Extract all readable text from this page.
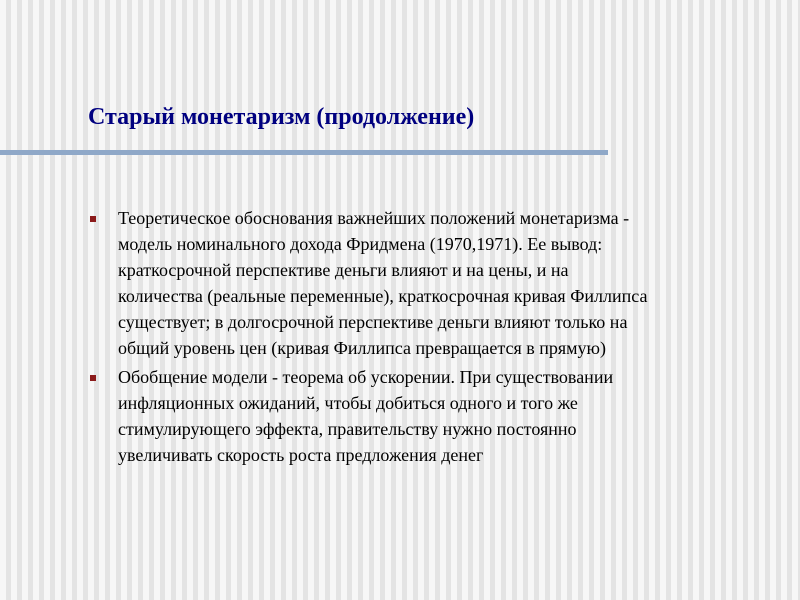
Старый монетаризм (продолжение)
Теоретическое обоснования важнейших положений монетаризма -
модель номинального дохода Фридмена (1970,1971). Ее вывод:
краткосрочной перспективе деньги влияют и на цены, и на
количества (реальные переменные), краткосрочная кривая Филлипса
существует; в долгосрочной перспективе деньги влияют только на
общий уровень цен (кривая Филлипса превращается в прямую)
Обобщение модели - теорема об ускорении. При существовании
инфляционных ожиданий, чтобы добиться одного и того же
стимулирующего эффекта, правительству нужно постоянно
увеличивать скорость роста предложения денег
